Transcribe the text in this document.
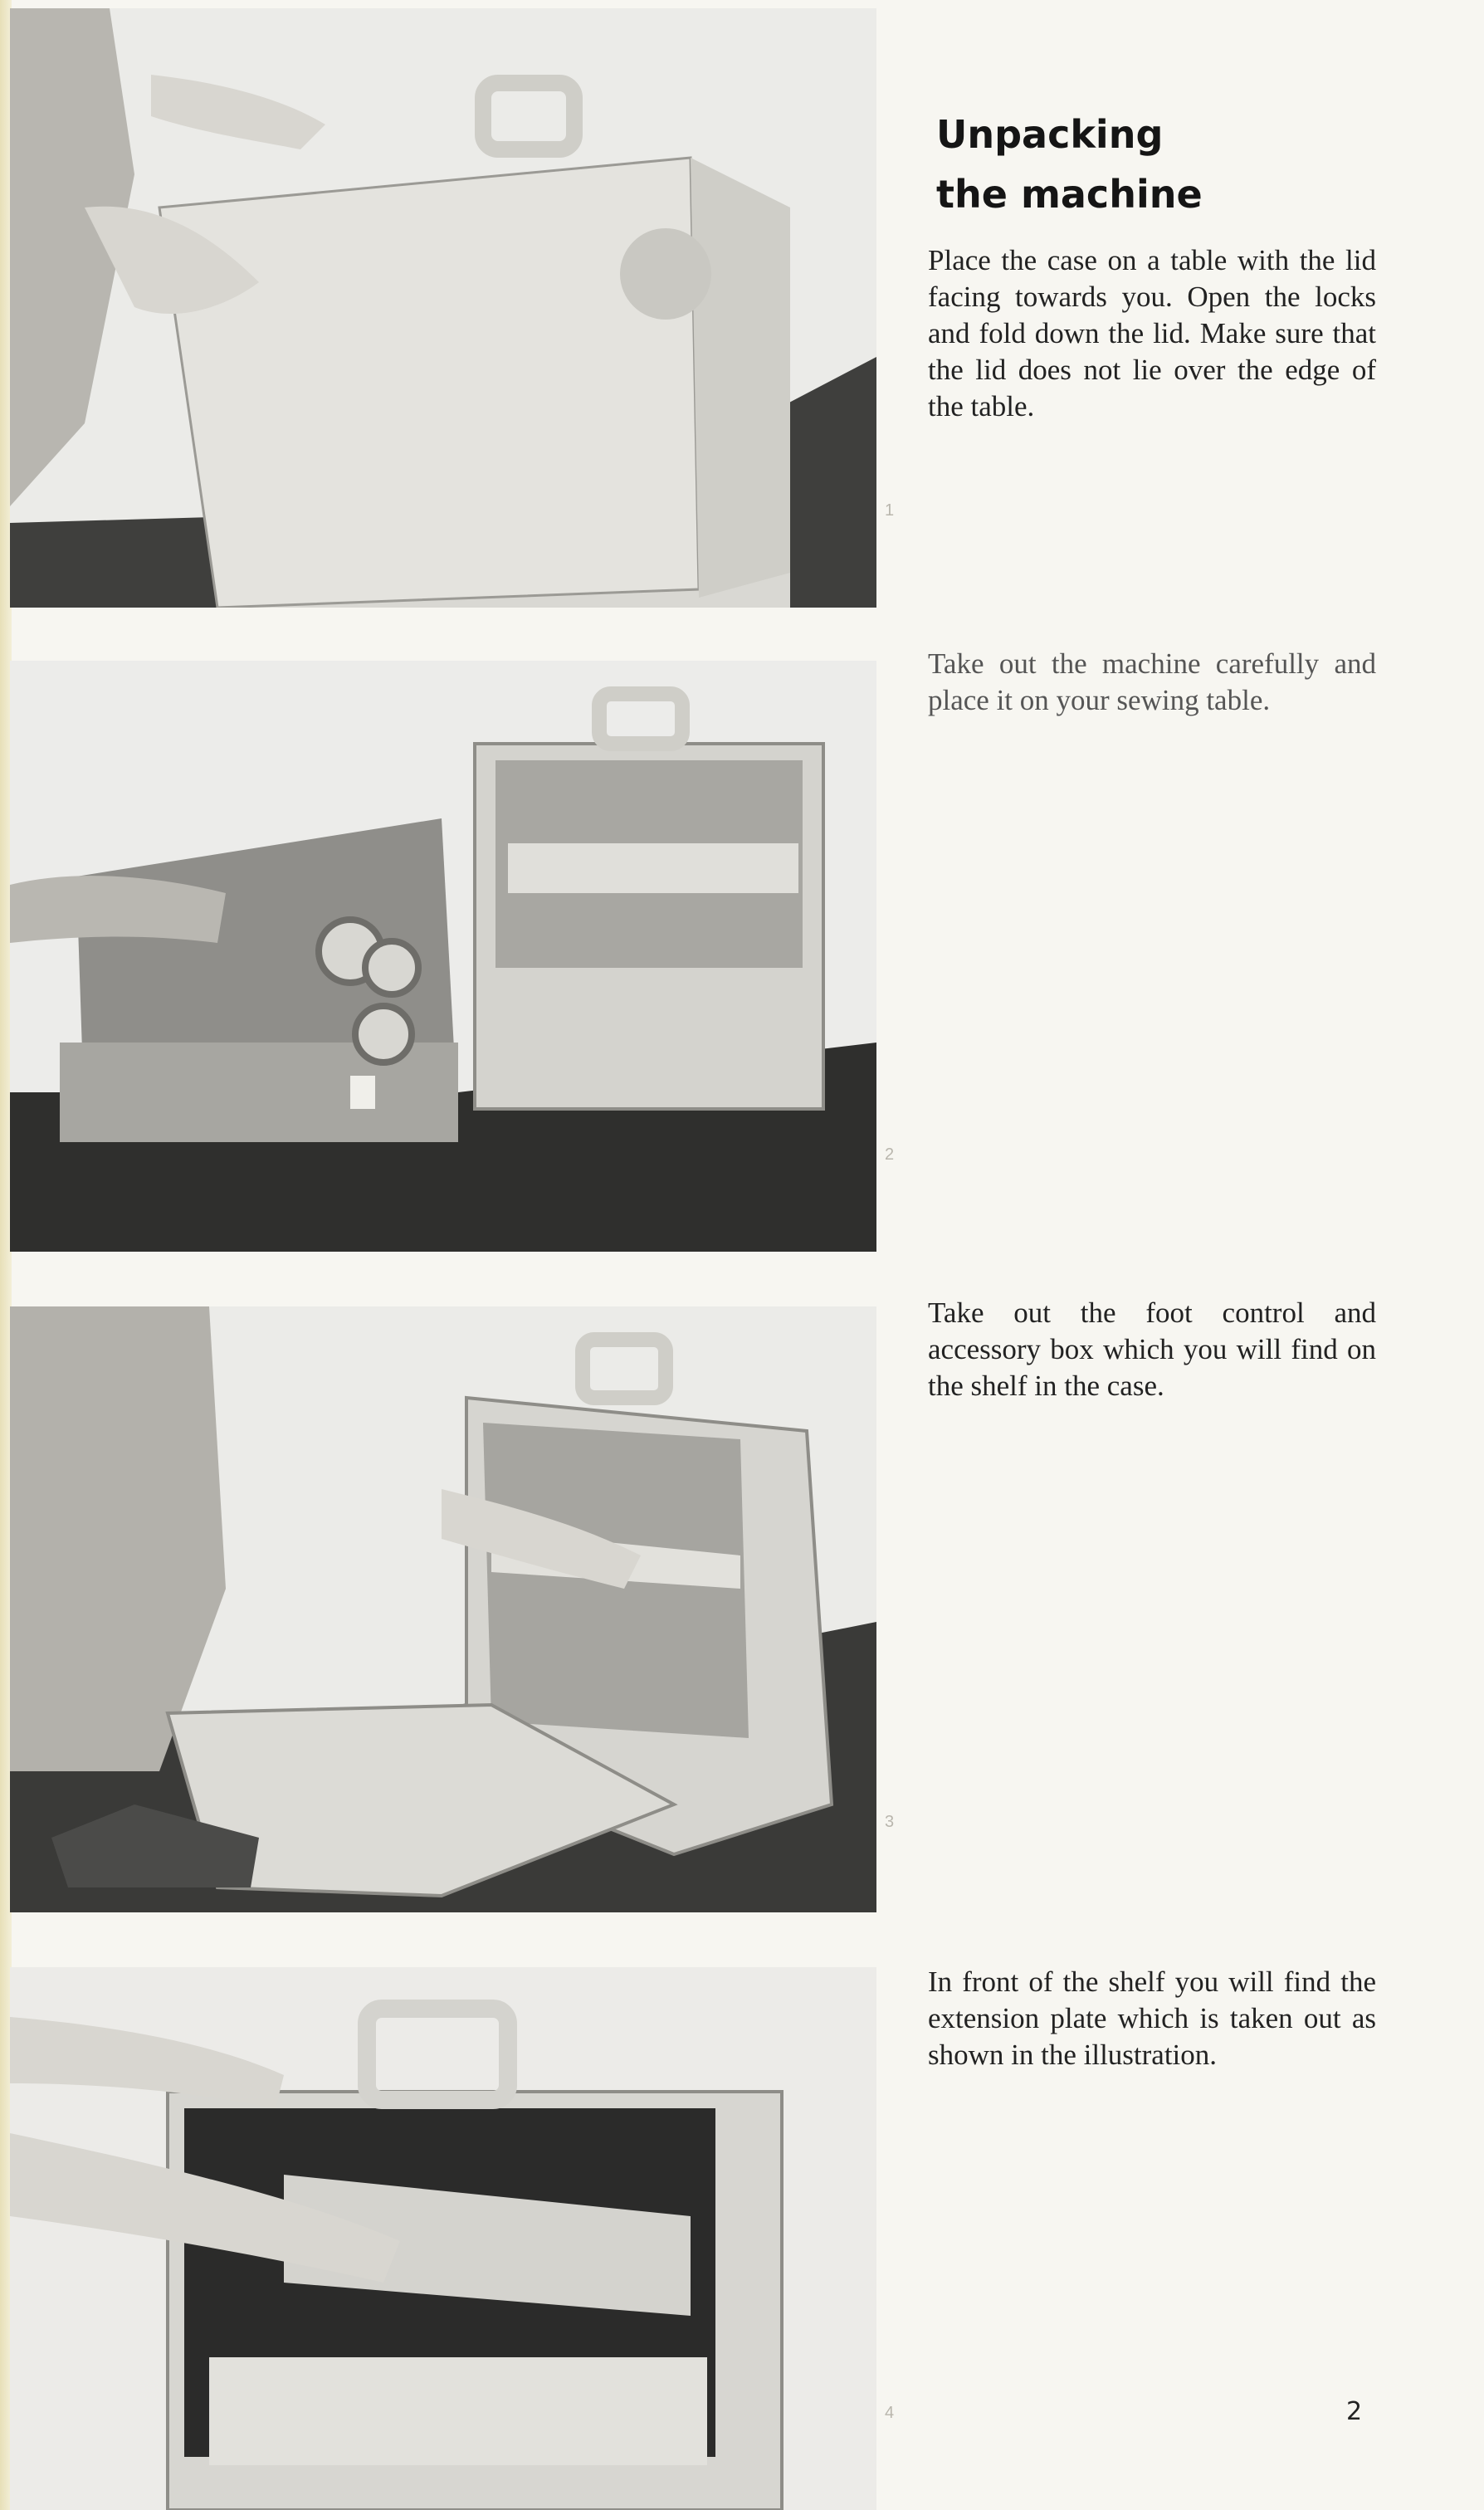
1
2
3
4
Unpacking
the machine

Place the case on a table with the lid facing towards you. Open the locks and fold down the lid. Make sure that the lid does not lie over the edge of the table.

Take out the machine carefully and place it on your sewing table.

Take out the foot control and accessory box which you will find on the shelf in the case.

In front of the shelf you will find the extension plate which is taken out as shown in the illustration.

2
